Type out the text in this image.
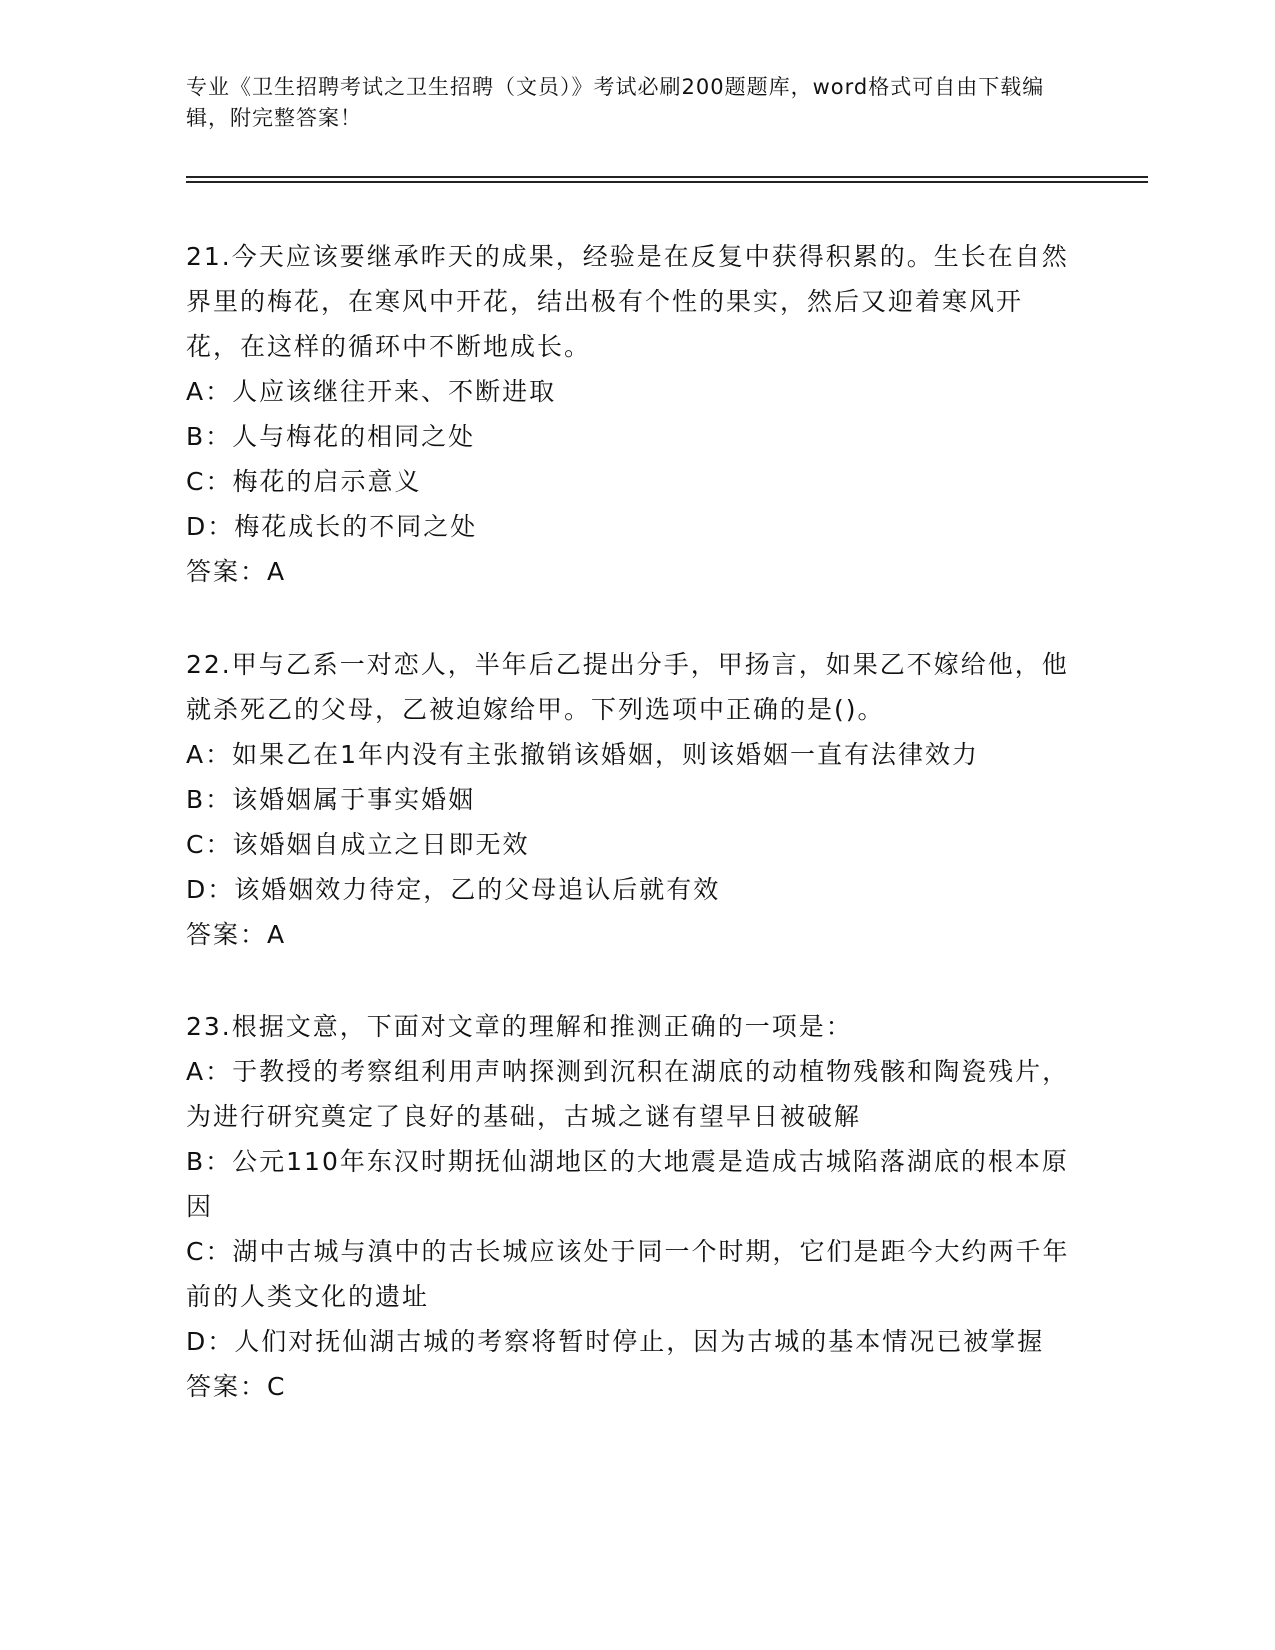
专业《卫生招聘考试之卫生招聘（文员）》考试必刷200题题库，word格式可自由下载编辑，附完整答案！

21.今天应该要继承昨天的成果，经验是在反复中获得积累的。生长在自然界里的梅花，在寒风中开花，结出极有个性的果实，然后又迎着寒风开花，在这样的循环中不断地成长。

A：人应该继往开来、不断进取

B：人与梅花的相同之处

C：梅花的启示意义

D：梅花成长的不同之处

答案：A

22.甲与乙系一对恋人，半年后乙提出分手，甲扬言，如果乙不嫁给他，他就杀死乙的父母，乙被迫嫁给甲。下列选项中正确的是()。

A：如果乙在1年内没有主张撤销该婚姻，则该婚姻一直有法律效力

B：该婚姻属于事实婚姻

C：该婚姻自成立之日即无效

D：该婚姻效力待定，乙的父母追认后就有效

答案：A

23.根据文意，下面对文章的理解和推测正确的一项是：

A：于教授的考察组利用声呐探测到沉积在湖底的动植物残骸和陶瓷残片，为进行研究奠定了良好的基础，古城之谜有望早日被破解

B：公元110年东汉时期抚仙湖地区的大地震是造成古城陷落湖底的根本原因

C：湖中古城与滇中的古长城应该处于同一个时期，它们是距今大约两千年前的人类文化的遗址

D：人们对抚仙湖古城的考察将暂时停止，因为古城的基本情况已被掌握

答案：C
